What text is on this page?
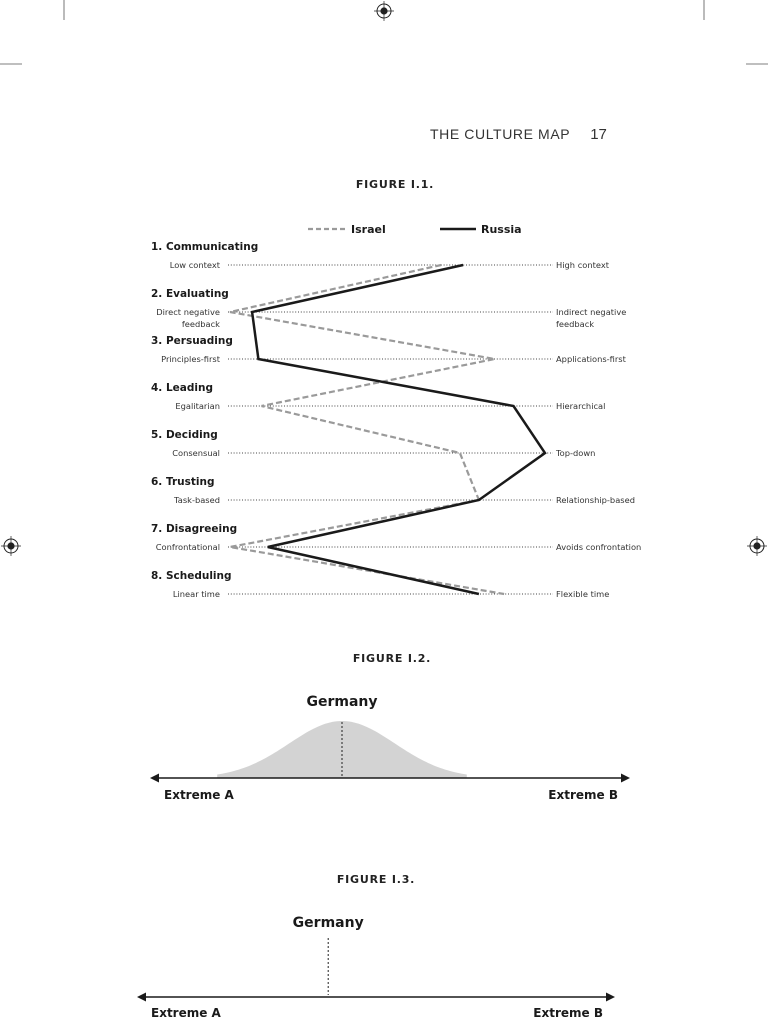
THE CULTURE MAP 17
FIGURE I.1.
Israel	Russia
1. Communicating
Low context	High context
2. Evaluating
Direct negative
feedback
Indirect negative
feedback
3. Persuading
Principles-first	Applications-first
4. Leading
Egalitarian	Hierarchical
5. Deciding
Consensual	Top-down
6. Trusting
Task-based	Relationship-based
7. Disagreeing
Confrontational	Avoids confrontation
8. Scheduling
Linear time	Flexible time
FIGURE I.2.
Germany
Extreme A	Extreme B
FIGURE I.3.
Germany
Extreme A	Extreme B
